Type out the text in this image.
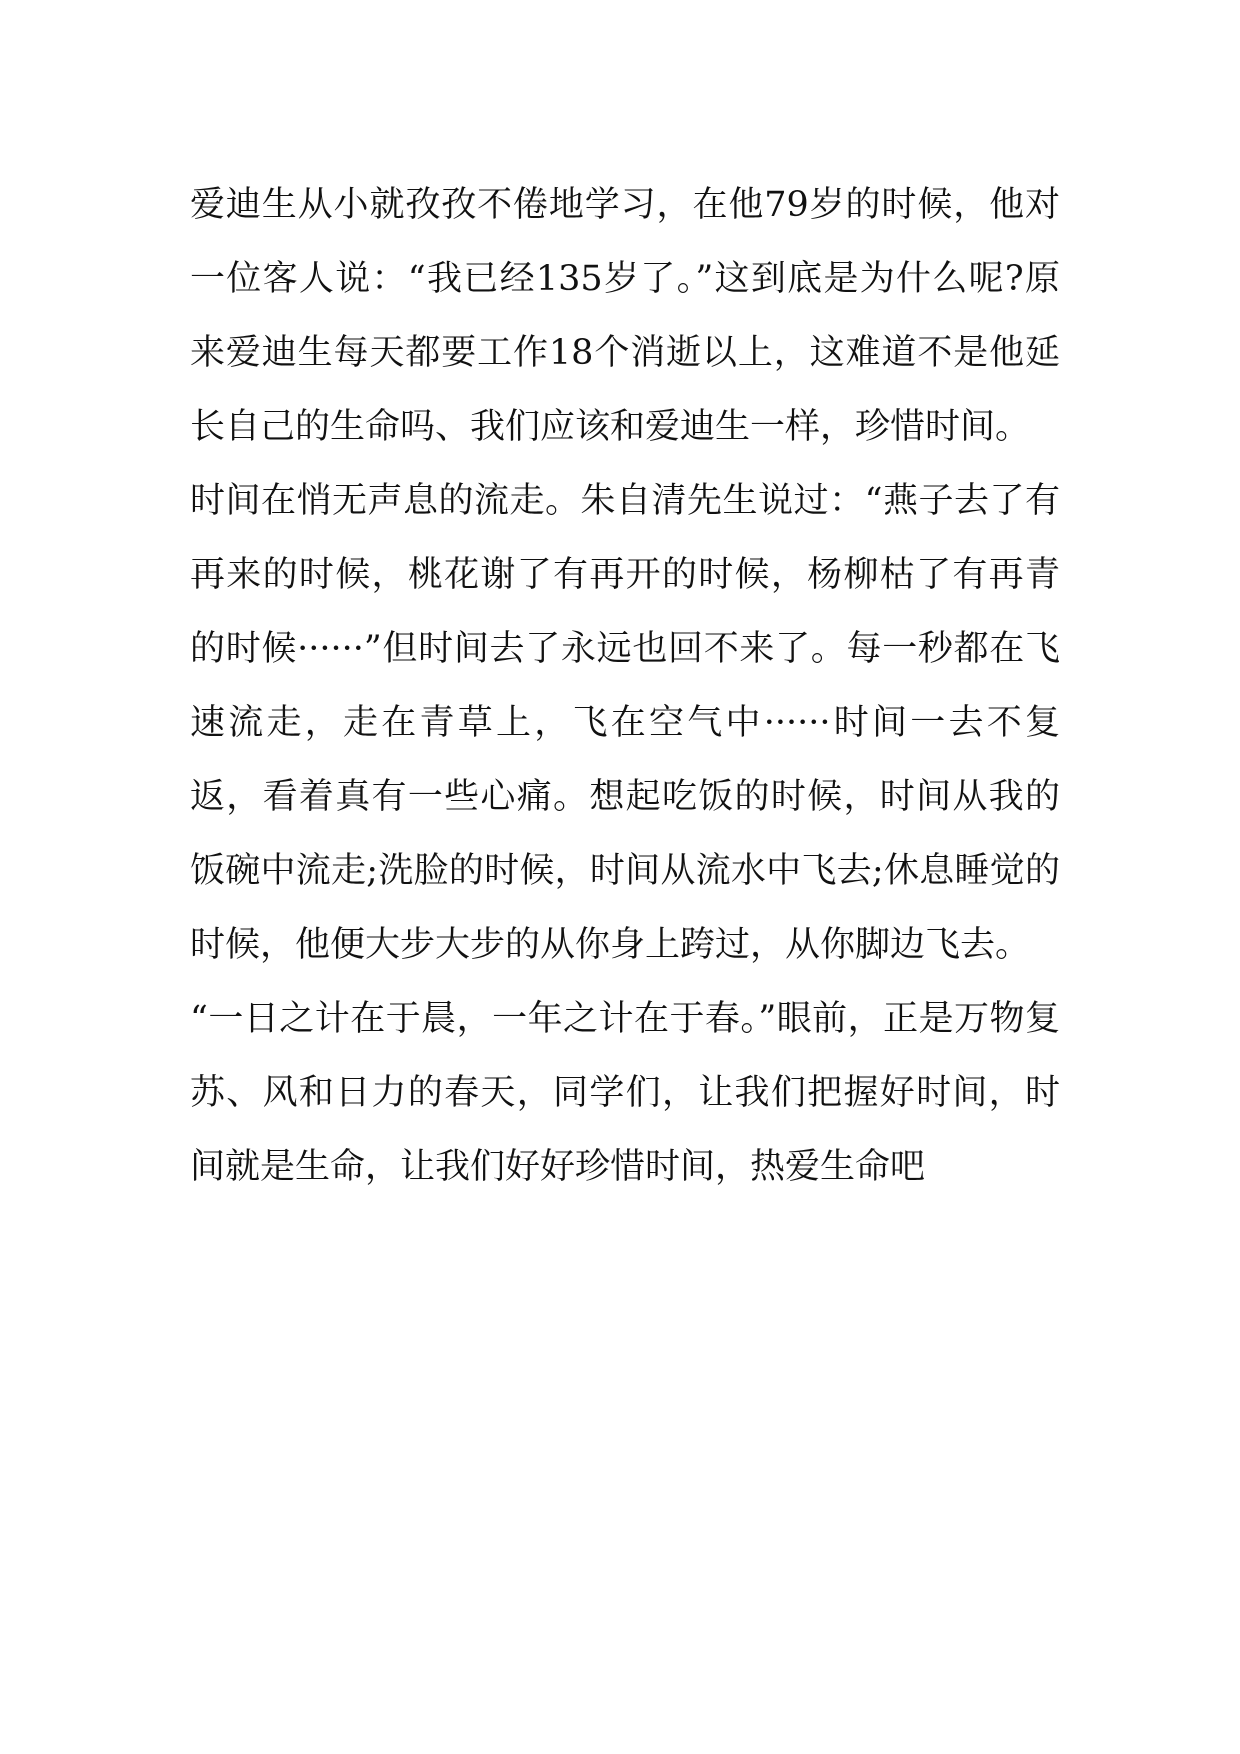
爱迪生从小就孜孜不倦地学习，在他79岁的时候，他对一位客人说：“我已经135岁了。”这到底是为什么呢?原来爱迪生每天都要工作18个消逝以上，这难道不是他延长自己的生命吗、我们应该和爱迪生一样，珍惜时间。

时间在悄无声息的流走。朱自清先生说过：“燕子去了有再来的时候，桃花谢了有再开的时候，杨柳枯了有再青的时候······”但时间去了永远也回不来了。每一秒都在飞速流走，走在青草上，飞在空气中······时间一去不复返，看着真有一些心痛。想起吃饭的时候，时间从我的饭碗中流走;洗脸的时候，时间从流水中飞去;休息睡觉的时候，他便大步大步的从你身上跨过，从你脚边飞去。

“一日之计在于晨，一年之计在于春。”眼前，正是万物复苏、风和日力的春天，同学们，让我们把握好时间，时间就是生命，让我们好好珍惜时间，热爱生命吧
